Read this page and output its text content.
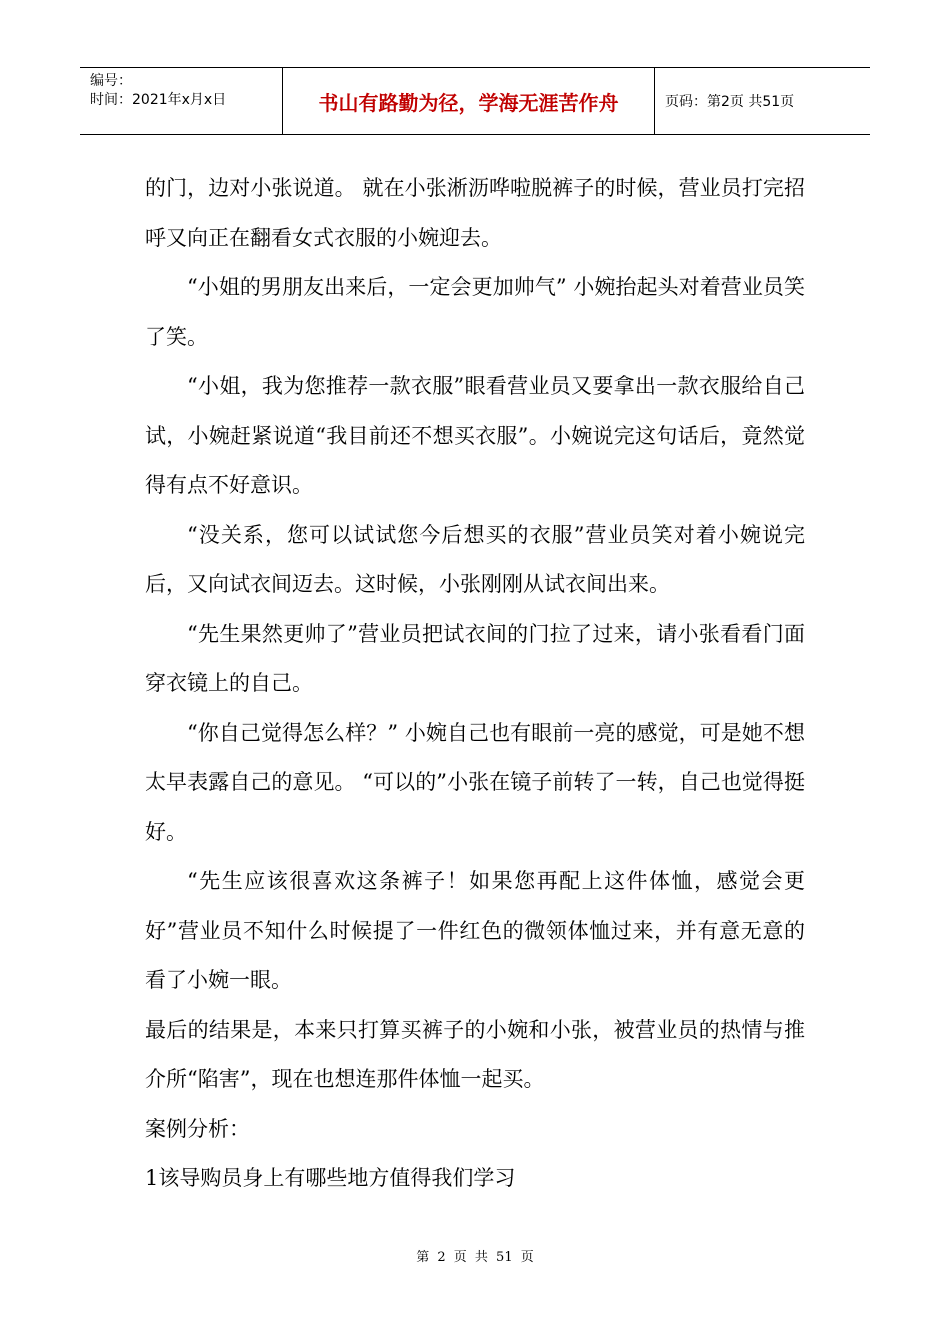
编号：
时间：2021年x月x日	书山有路勤为径，学海无涯苦作舟	页码：第2页 共51页

的门，边对小张说道。 就在小张淅沥哗啦脱裤子的时候，营业员打完招呼又向正在翻看女式衣服的小婉迎去。

“小姐的男朋友出来后，一定会更加帅气” 小婉抬起头对着营业员笑了笑。

“小姐，我为您推荐一款衣服”眼看营业员又要拿出一款衣服给自己试，小婉赶紧说道“我目前还不想买衣服”。小婉说完这句话后，竟然觉得有点不好意识。

“没关系，您可以试试您今后想买的衣服”营业员笑对着小婉说完后，又向试衣间迈去。这时候，小张刚刚从试衣间出来。

“先生果然更帅了”营业员把试衣间的门拉了过来，请小张看看门面穿衣镜上的自己。

“你自己觉得怎么样？” 小婉自己也有眼前一亮的感觉，可是她不想太早表露自己的意见。 “可以的”小张在镜子前转了一转，自己也觉得挺好。

“先生应该很喜欢这条裤子！如果您再配上这件体恤，感觉会更好”营业员不知什么时候提了一件红色的微领体恤过来，并有意无意的看了小婉一眼。

最后的结果是，本来只打算买裤子的小婉和小张，被营业员的热情与推介所“陷害”，现在也想连那件体恤一起买。

案例分析：

1该导购员身上有哪些地方值得我们学习

第 2 页 共 51 页
